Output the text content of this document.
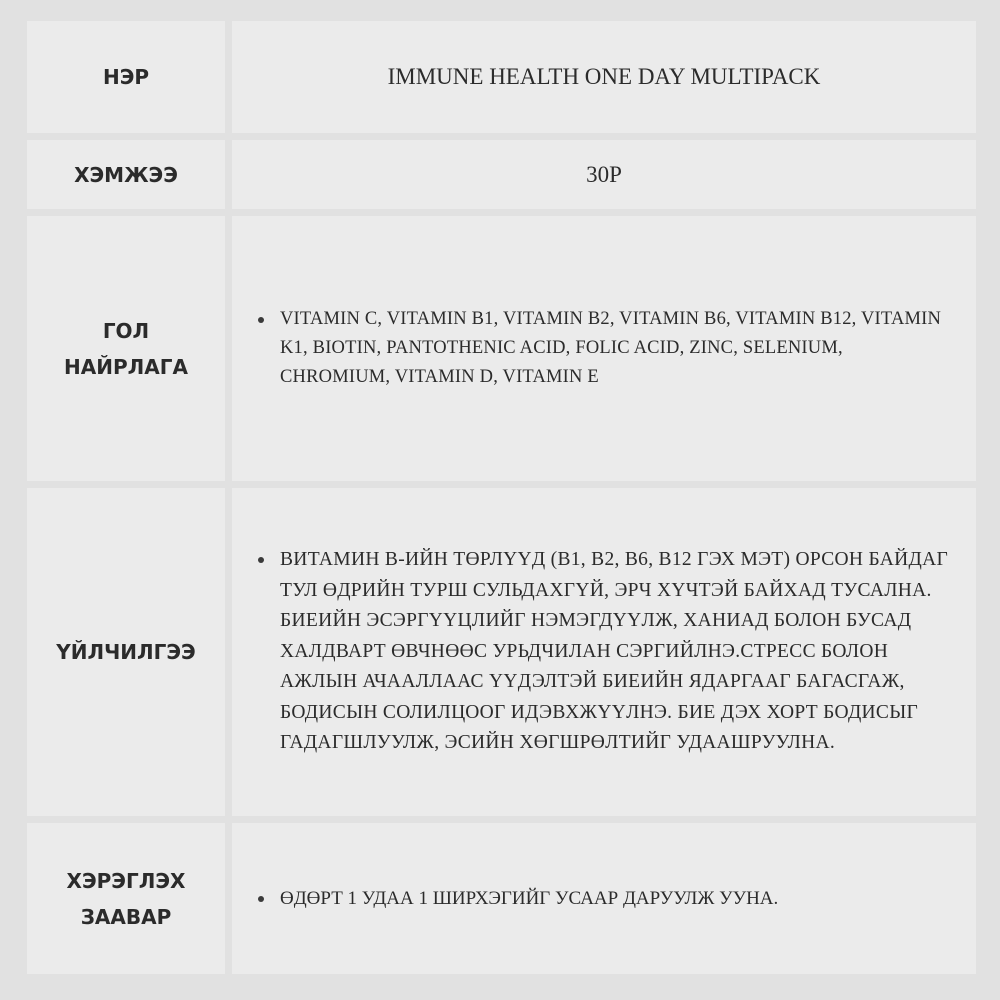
НЭР	IMMUNE HEALTH ONE DAY MULTIPACK
ХЭМЖЭЭ	30P
ГОЛ
НАЙРЛАГА
VITAMIN C, VITAMIN B1, VITAMIN B2, VITAMIN B6, VITAMIN B12, VITAMIN K1, BIOTIN, PANTOTHENIC ACID, FOLIC ACID, ZINC, SELENIUM, CHROMIUM, VITAMIN D, VITAMIN E
ҮЙЛЧИЛГЭЭ
ВИТАМИН В-ИЙН ТӨРЛҮҮД (B1, B2, B6, B12 ГЭХ МЭТ) ОРСОН БАЙДАГ ТУЛ ӨДРИЙН ТУРШ СУЛЬДАХГҮЙ, ЭРЧ ХҮЧТЭЙ БАЙХАД ТУСАЛНА. БИЕИЙН ЭСЭРГҮҮЦЛИЙГ НЭМЭГДҮҮЛЖ, ХАНИАД БОЛОН БУСАД ХАЛДВАРТ ӨВЧНӨӨС УРЬДЧИЛАН СЭРГИЙЛНЭ.СТРЕСС БОЛОН АЖЛЫН АЧААЛЛААС ҮҮДЭЛТЭЙ БИЕИЙН ЯДАРГААГ БАГАСГАЖ, БОДИСЫН СОЛИЛЦООГ ИДЭВХЖҮҮЛНЭ. БИЕ ДЭХ ХОРТ БОДИСЫГ ГАДАГШЛУУЛЖ, ЭСИЙН ХӨГШРӨЛТИЙГ УДААШРУУЛНА.
ХЭРЭГЛЭХ
ЗААВАР
ӨДӨРТ 1 УДАА 1 ШИРХЭГИЙГ УСААР ДАРУУЛЖ УУНА.
